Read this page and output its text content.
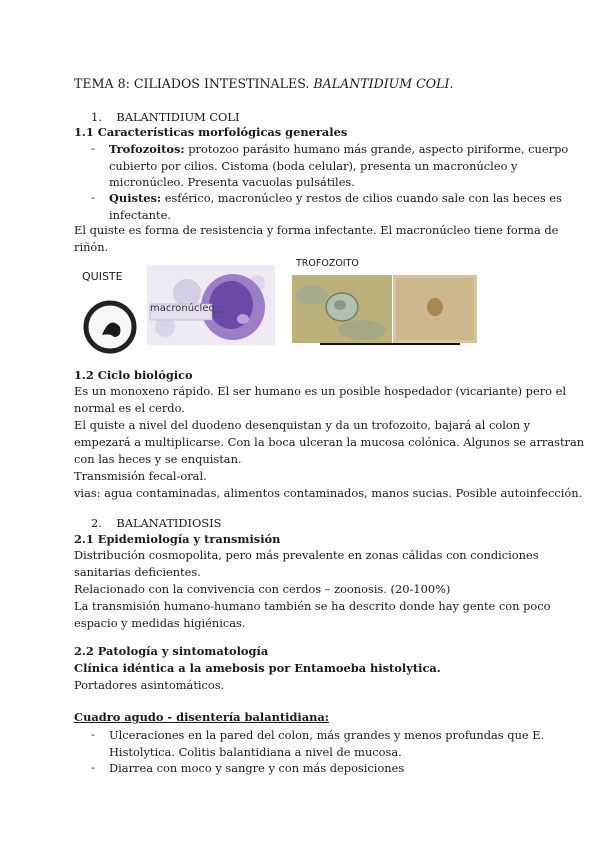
TEMA 8: CILIADOS INTESTINALES. BALANTIDIUM COLI.
1. BALANTIDIUM COLI
1.1 Características morfológicas generales
- Trofozoitos: protozoo parásito humano más grande, aspecto piriforme, cuerpo
cubierto por cilios. Cistoma (boda celular), presenta un macronúcleo y
micronúcleo. Presenta vacuolas pulsátiles.
- Quistes: esférico, macronúcleo y restos de cilios cuando sale con las heces es
infectante.
El quiste es forma de resistencia y forma infectante. El macronúcleo tiene forma de
riñón.
QUISTE
macronúcleo
TROFOZOITO
1.2 Ciclo biológico
Es un monoxeno rápido. El ser humano es un posible hospedador (vicariante) pero el
normal es el cerdo.
El quiste a nivel del duodeno desenquistan y da un trofozoito, bajará al colon y
empezará a multiplicarse. Con la boca ulceran la mucosa colónica. Algunos se arrastran
con las heces y se enquistan.
Transmisión fecal-oral.
vias: agua contaminadas, alimentos contaminados, manos sucias. Posible autoinfección.
2. BALANATIDIOSIS
2.1 Epidemiología y transmisión
Distribución cosmopolita, pero más prevalente en zonas cálidas con condiciones
sanitarias deficientes.
Relacionado con la convivencia con cerdos – zoonosis. (20-100%)
La transmisión humano-humano también se ha descrito donde hay gente con poco
espacio y medidas higiénicas.
2.2 Patología y sintomatología
Clínica idéntica a la amebosis por Entamoeba histolytica.
Portadores asintomáticos.
Cuadro agudo - disentería balantidiana:
- Ulceraciones en la pared del colon, más grandes y menos profundas que E.
Histolytica. Colitis balantidiana a nivel de mucosa.
- Diarrea con moco y sangre y con más deposiciones
